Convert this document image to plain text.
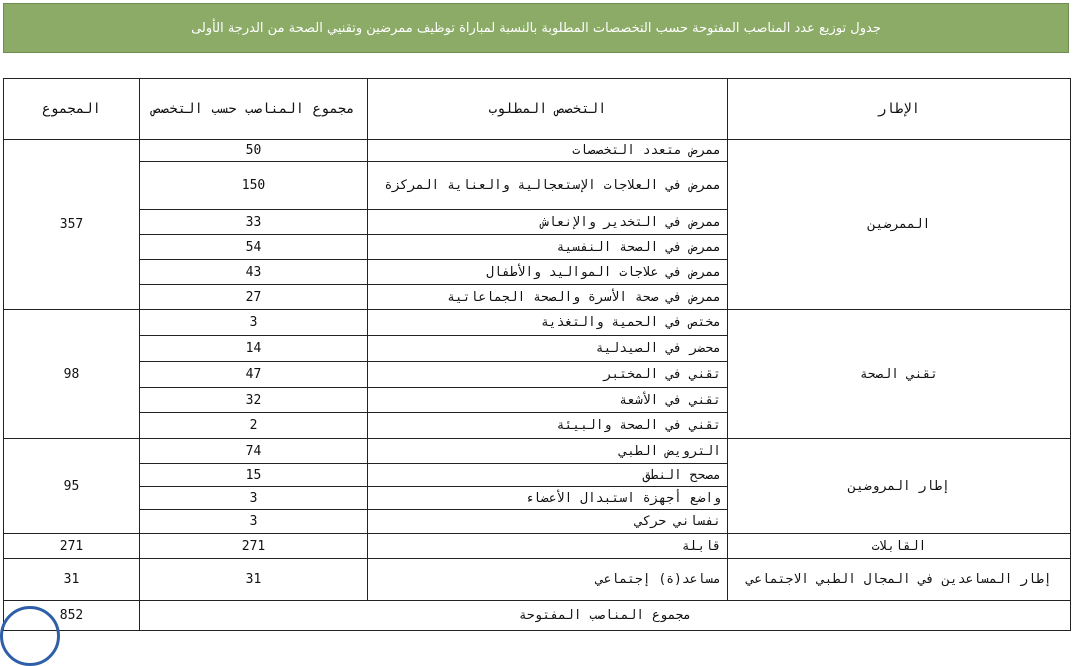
جدول توزيع عدد المناصب المفتوحة حسب التخصصات المطلوبة بالنسبة لمباراة توظيف ممرضين وتقنيي الصحة من الدرجة الأولى
المجموع	مجموع المناصب حسب التخصص	التخصص المطلوب	الإطار

357	50	ممرض متعدد التخصصات	الممرضين
	150	ممرض في العلاجات الإستعجالية والعناية المركزة	
	33	ممرض في التخدير والإنعاش	
	54	ممرض في الصحة النفسية	
	43	ممرض في علاجات المواليد والأطفال	
	27	ممرض في صحة الأسرة والصحة الجماعاتية	
98	3	مختص في الحمية والتغذية	تقني الصحة
	14	محضر في الصيدلية	
	47	تقني في المختبر	
	32	تقني في الأشعة	
	2	تقني في الصحة والبيئة	
95	74	الترويض الطبي	إطار المروضين
	15	مصحح النطق	
	3	واضع أجهزة استبدال الأعضاء	
	3	نفساني حركي	
271	271	قابلة	القابلات
31	31	مساعد(ة) إجتماعي	إطار المساعدين في المجال الطبي الاجتماعي
852	مجموع المناصب المفتوحة		
